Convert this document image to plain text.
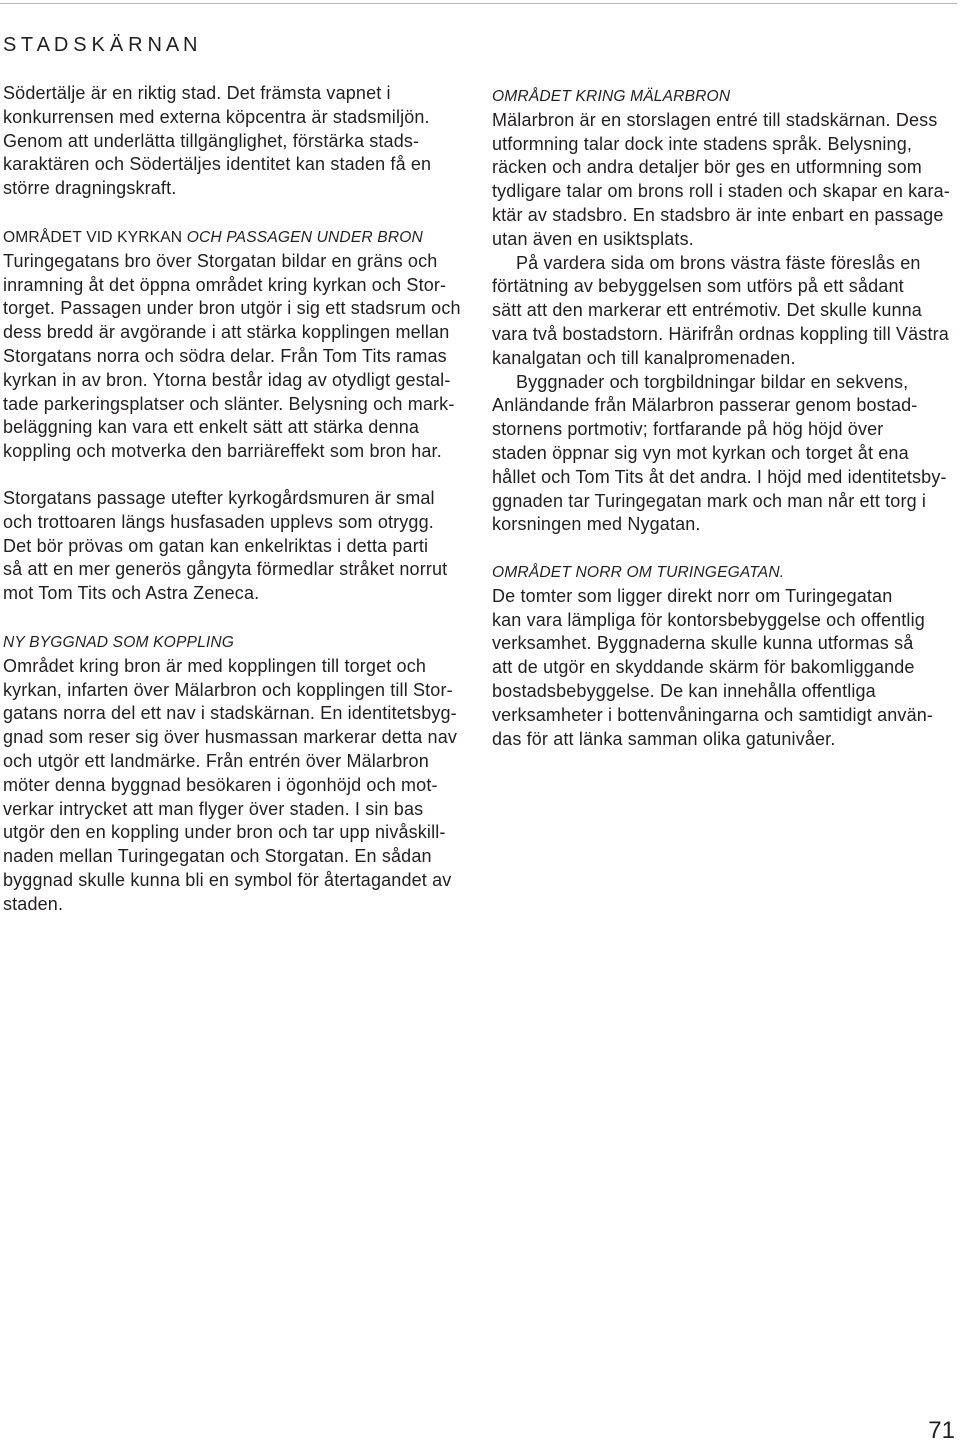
S T A D S K Ä R N A N
Södertälje är en riktig stad. Det främsta vapnet i
konkurrensen med externa köpcentra är stadsmiljön.
Genom att underlätta tillgänglighet, förstärka stads-
karaktären och Södertäljes identitet kan staden få en
större dragningskraft.
OMRÅDET VID KYRKAN OCH PASSAGEN UNDER BRON
Turingegatans bro över Storgatan bildar en gräns och
inramning åt det öppna området kring kyrkan och Stor-
torget. Passagen under bron utgör i sig ett stadsrum och
dess bredd är avgörande i att stärka kopplingen mellan
Storgatans norra och södra delar. Från Tom Tits ramas
kyrkan in av bron. Ytorna består idag av otydligt gestal-
tade parkeringsplatser och slänter. Belysning och mark-
beläggning kan vara ett enkelt sätt att stärka denna
koppling och motverka den barriäreffekt som bron har.
Storgatans passage utefter kyrkogårdsmuren är smal
och trottoaren längs husfasaden upplevs som otrygg.
Det bör prövas om gatan kan enkelriktas i detta parti
så att en mer generös gångyta förmedlar stråket norrut
mot Tom Tits och Astra Zeneca.
NY BYGGNAD SOM KOPPLING
Området kring bron är med kopplingen till torget och
kyrkan, infarten över Mälarbron och kopplingen till Stor-
gatans norra del ett nav i stadskärnan. En identitetsbyg-
gnad som reser sig över husmassan markerar detta nav
och utgör ett landmärke. Från entrén över Mälarbron
möter denna byggnad besökaren i ögonhöjd och mot-
verkar intrycket att man flyger över staden. I sin bas
utgör den en koppling under bron och tar upp nivåskill-
naden mellan Turingegatan och Storgatan. En sådan
byggnad skulle kunna bli en symbol för återtagandet av
staden.
OMRÅDET KRING MÄLARBRON
Mälarbron är en storslagen entré till stadskärnan. Dess
utformning talar dock inte stadens språk. Belysning,
räcken och andra detaljer bör ges en utformning som
tydligare talar om brons roll i staden och skapar en kara-
ktär av stadsbro. En stadsbro är inte enbart en passage
utan även en usiktsplats.
På vardera sida om brons västra fäste föreslås en
förtätning av bebyggelsen som utförs på ett sådant
sätt att den markerar ett entrémotiv. Det skulle kunna
vara två bostadstorn. Härifrån ordnas koppling till Västra
kanalgatan och till kanalpromenaden.
Byggnader och torgbildningar bildar en sekvens,
Anländande från Mälarbron passerar genom bostad-
stornens portmotiv; fortfarande på hög höjd över
staden öppnar sig vyn mot kyrkan och torget åt ena
hållet och Tom Tits åt det andra. I höjd med identitetsby-
ggnaden tar Turingegatan mark och man når ett torg i
korsningen med Nygatan.
OMRÅDET NORR OM TURINGEGATAN.
De tomter som ligger direkt norr om Turingegatan
kan vara lämpliga för kontorsbebyggelse och offentlig
verksamhet. Byggnaderna skulle kunna utformas så
att de utgör en skyddande skärm för bakomliggande
bostadsbebyggelse. De kan innehålla offentliga
verksamheter i bottenvåningarna och samtidigt använ-
das för att länka samman olika gatunivåer.
71
